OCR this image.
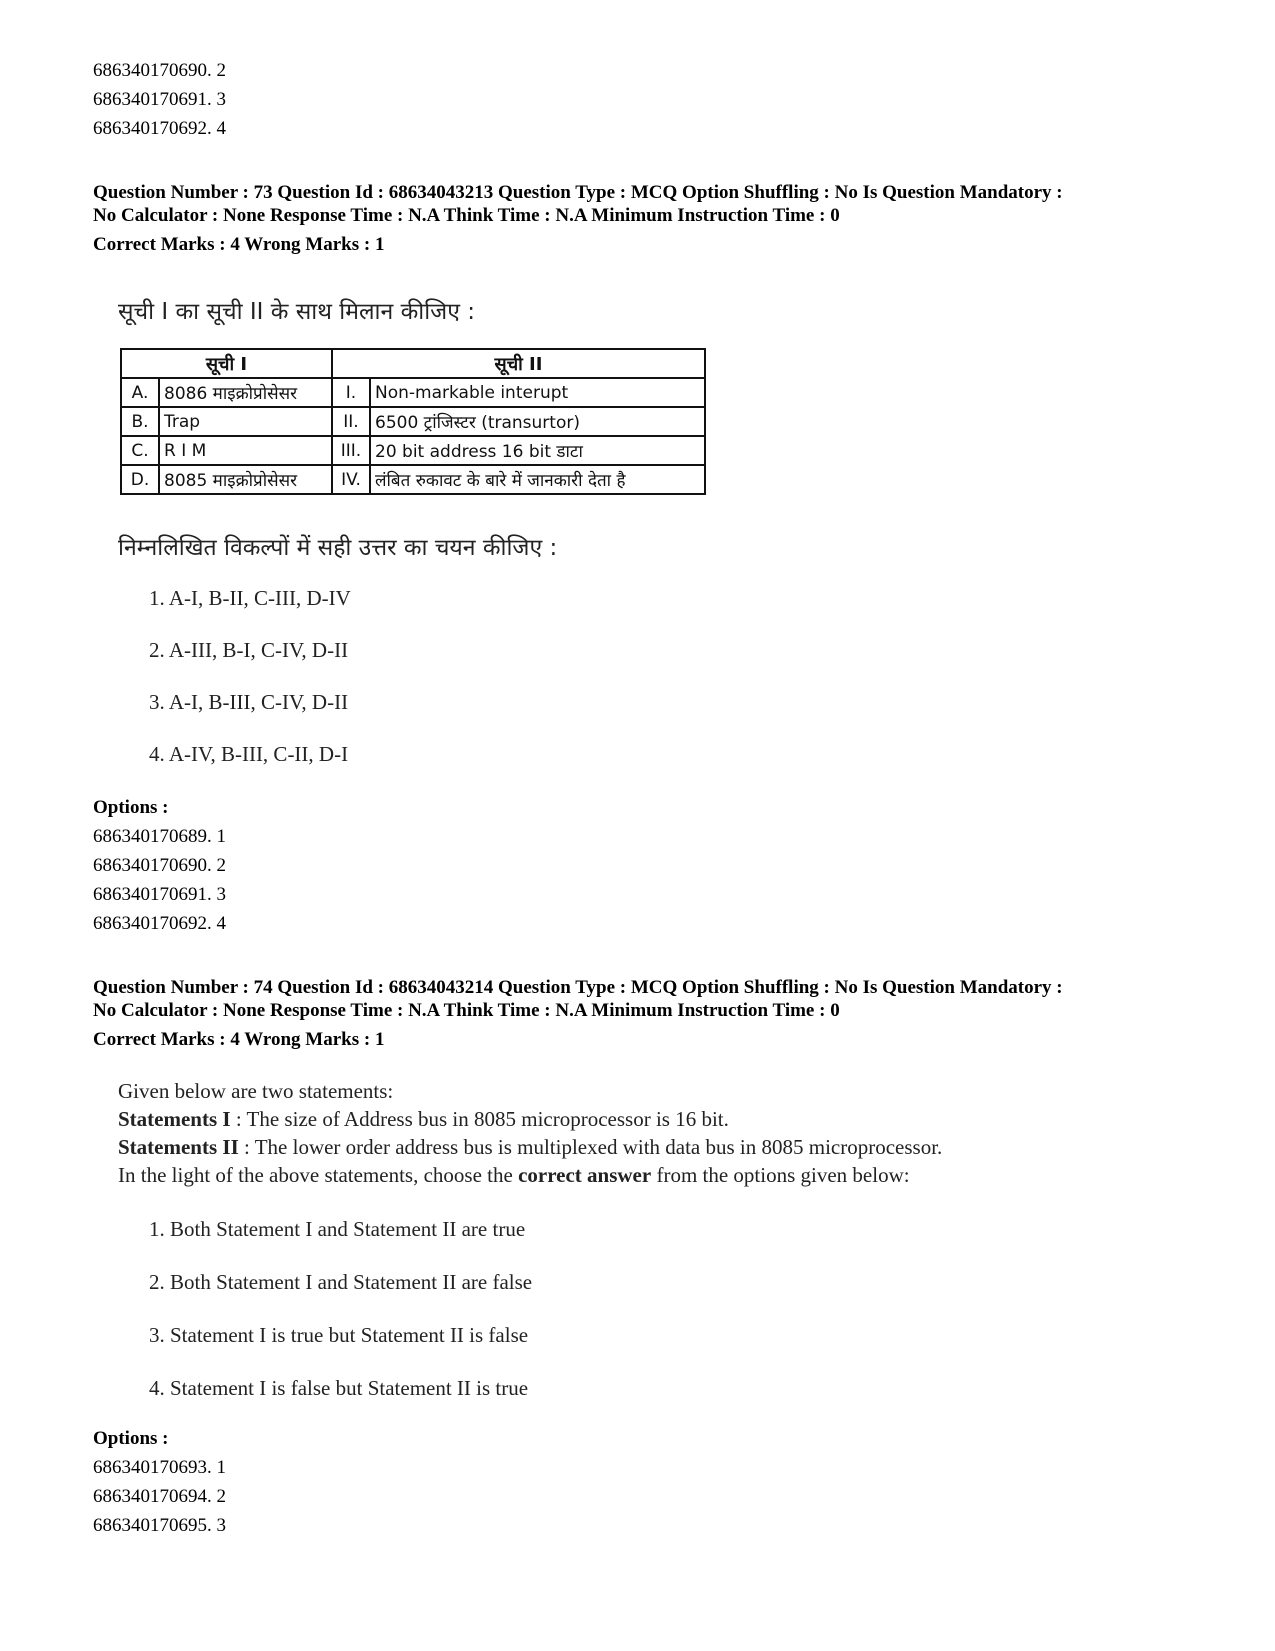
686340170690. 2
686340170691. 3
686340170692. 4
Question Number : 73 Question Id : 68634043213 Question Type : MCQ Option Shuffling : No Is Question Mandatory :
No Calculator : None Response Time : N.A Think Time : N.A Minimum Instruction Time : 0
Correct Marks : 4 Wrong Marks : 1
सूची I का सूची II के साथ मिलान कीजिए :
सूची I		सूची II	
A.	8086 माइक्रोप्रोसेसर	I.	Non-markable interupt
B.	Trap	II.	6500 ट्रांजिस्टर (transurtor)
C.	R I M	III.	20 bit address 16 bit डाटा
D.	8085 माइक्रोप्रोसेसर	IV.	लंबित रुकावट के बारे में जानकारी देता है
निम्नलिखित विकल्पों में सही उत्तर का चयन कीजिए :
1. A-I, B-II, C-III, D-IV
2. A-III, B-I, C-IV, D-II
3. A-I, B-III, C-IV, D-II
4. A-IV, B-III, C-II, D-I
Options :
686340170689. 1
686340170690. 2
686340170691. 3
686340170692. 4
Question Number : 74 Question Id : 68634043214 Question Type : MCQ Option Shuffling : No Is Question Mandatory :
No Calculator : None Response Time : N.A Think Time : N.A Minimum Instruction Time : 0
Correct Marks : 4 Wrong Marks : 1
Given below are two statements:
Statements I : The size of Address bus in 8085 microprocessor is 16 bit.
Statements II : The lower order address bus is multiplexed with data bus in 8085 microprocessor.
In the light of the above statements, choose the correct answer from the options given below:
1. Both Statement I and Statement II are true
2. Both Statement I and Statement II are false
3. Statement I is true but Statement II is false
4. Statement I is false but Statement II is true
Options :
686340170693. 1
686340170694. 2
686340170695. 3
